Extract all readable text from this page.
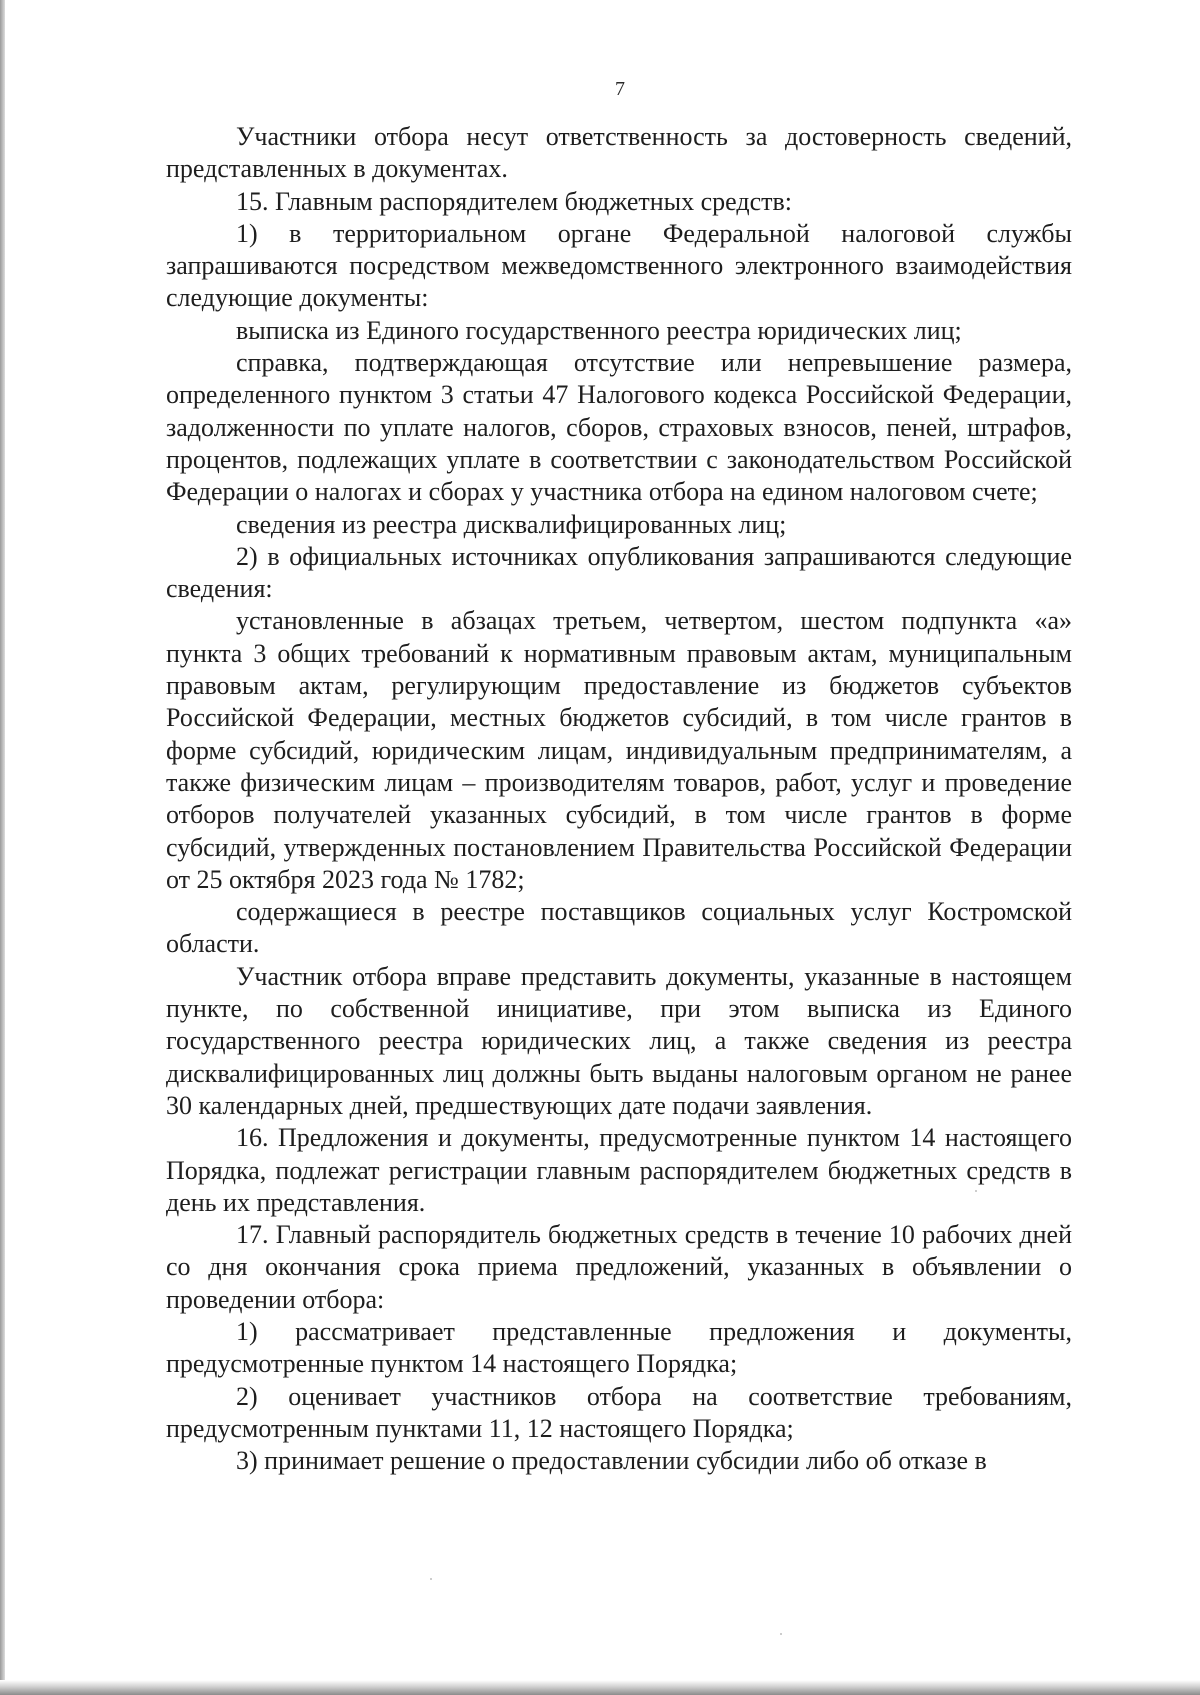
7

Участники отбора несут ответственность за достоверность сведений, представленных в документах.

15. Главным распорядителем бюджетных средств:

1) в территориальном органе Федеральной налоговой службы запрашиваются посредством межведомственного электронного взаимодействия следующие документы:

выписка из Единого государственного реестра юридических лиц;

справка, подтверждающая отсутствие или непревышение размера, определенного пунктом 3 статьи 47 Налогового кодекса Российской Федерации, задолженности по уплате налогов, сборов, страховых взносов, пеней, штрафов, процентов, подлежащих уплате в соответствии с законодательством Российской Федерации о налогах и сборах у участника отбора на едином налоговом счете;

сведения из реестра дисквалифицированных лиц;

2) в официальных источниках опубликования запрашиваются следующие сведения:

установленные в абзацах третьем, четвертом, шестом подпункта «а» пункта 3 общих требований к нормативным правовым актам, муниципальным правовым актам, регулирующим предоставление из бюджетов субъектов Российской Федерации, местных бюджетов субсидий, в том числе грантов в форме субсидий, юридическим лицам, индивидуальным предпринимателям, а также физическим лицам – производителям товаров, работ, услуг и проведение отборов получателей указанных субсидий, в том числе грантов в форме субсидий, утвержденных постановлением Правительства Российской Федерации от 25 октября 2023 года № 1782;

содержащиеся в реестре поставщиков социальных услуг Костромской области.

Участник отбора вправе представить документы, указанные в настоящем пункте, по собственной инициативе, при этом выписка из Единого государственного реестра юридических лиц, а также сведения из реестра дисквалифицированных лиц должны быть выданы налоговым органом не ранее 30 календарных дней, предшествующих дате подачи заявления.

16. Предложения и документы, предусмотренные пунктом 14 настоящего Порядка, подлежат регистрации главным распорядителем бюджетных средств в день их представления.

17. Главный распорядитель бюджетных средств в течение 10 рабочих дней со дня окончания срока приема предложений, указанных в объявлении о проведении отбора:

1) рассматривает представленные предложения и документы, предусмотренные пунктом 14 настоящего Порядка;

2) оценивает участников отбора на соответствие требованиям, предусмотренным пунктами 11, 12 настоящего Порядка;

3) принимает решение о предоставлении субсидии либо об отказе в
